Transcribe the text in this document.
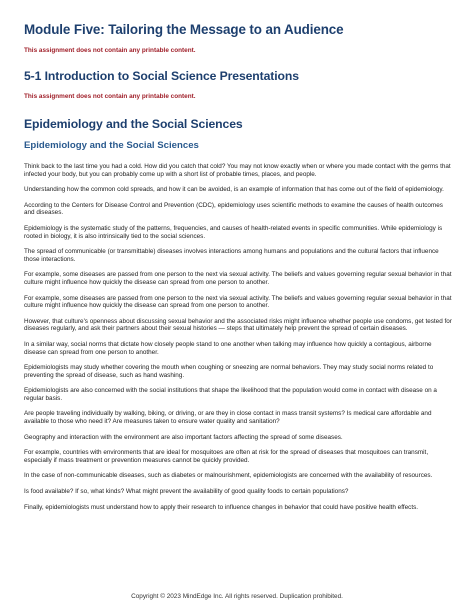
Module Five: Tailoring the Message to an Audience
This assignment does not contain any printable content.
5-1 Introduction to Social Science Presentations
This assignment does not contain any printable content.
Epidemiology and the Social Sciences
Epidemiology and the Social Sciences

Think back to the last time you had a cold. How did you catch that cold? You may not know exactly when or where you made contact with the germs that infected your body, but you can probably come up with a short list of probable times, places, and people.

Understanding how the common cold spreads, and how it can be avoided, is an example of information that has come out of the field of epidemiology.

According to the Centers for Disease Control and Prevention (CDC), epidemiology uses scientific methods to examine the causes of health outcomes and diseases.

Epidemiology is the systematic study of the patterns, frequencies, and causes of health-related events in specific communities. While epidemiology is rooted in biology, it is also intrinsically tied to the social sciences.

The spread of communicable (or transmittable) diseases involves interactions among humans and populations and the cultural factors that influence those interactions.

For example, some diseases are passed from one person to the next via sexual activity. The beliefs and values governing regular sexual behavior in that culture might influence how quickly the disease can spread from one person to another.

For example, some diseases are passed from one person to the next via sexual activity. The beliefs and values governing regular sexual behavior in that culture might influence how quickly the disease can spread from one person to another.

However, that culture's openness about discussing sexual behavior and the associated risks might influence whether people use condoms, get tested for diseases regularly, and ask their partners about their sexual histories — steps that ultimately help prevent the spread of certain diseases.

In a similar way, social norms that dictate how closely people stand to one another when talking may influence how quickly a contagious, airborne disease can spread from one person to another.

Epidemiologists may study whether covering the mouth when coughing or sneezing are normal behaviors. They may study social norms related to preventing the spread of disease, such as hand washing.

Epidemiologists are also concerned with the social institutions that shape the likelihood that the population would come in contact with disease on a regular basis.

Are people traveling individually by walking, biking, or driving, or are they in close contact in mass transit systems? Is medical care affordable and available to those who need it? Are measures taken to ensure water quality and sanitation?

Geography and interaction with the environment are also important factors affecting the spread of some diseases.

For example, countries with environments that are ideal for mosquitoes are often at risk for the spread of diseases that mosquitoes can transmit, especially if mass treatment or prevention measures cannot be quickly provided.

In the case of non-communicable diseases, such as diabetes or malnourishment, epidemiologists are concerned with the availability of resources.

Is food available? If so, what kinds? What might prevent the availability of good quality foods to certain populations?

Finally, epidemiologists must understand how to apply their research to influence changes in behavior that could have positive health effects.

Copyright © 2023 MindEdge Inc. All rights reserved. Duplication prohibited.
